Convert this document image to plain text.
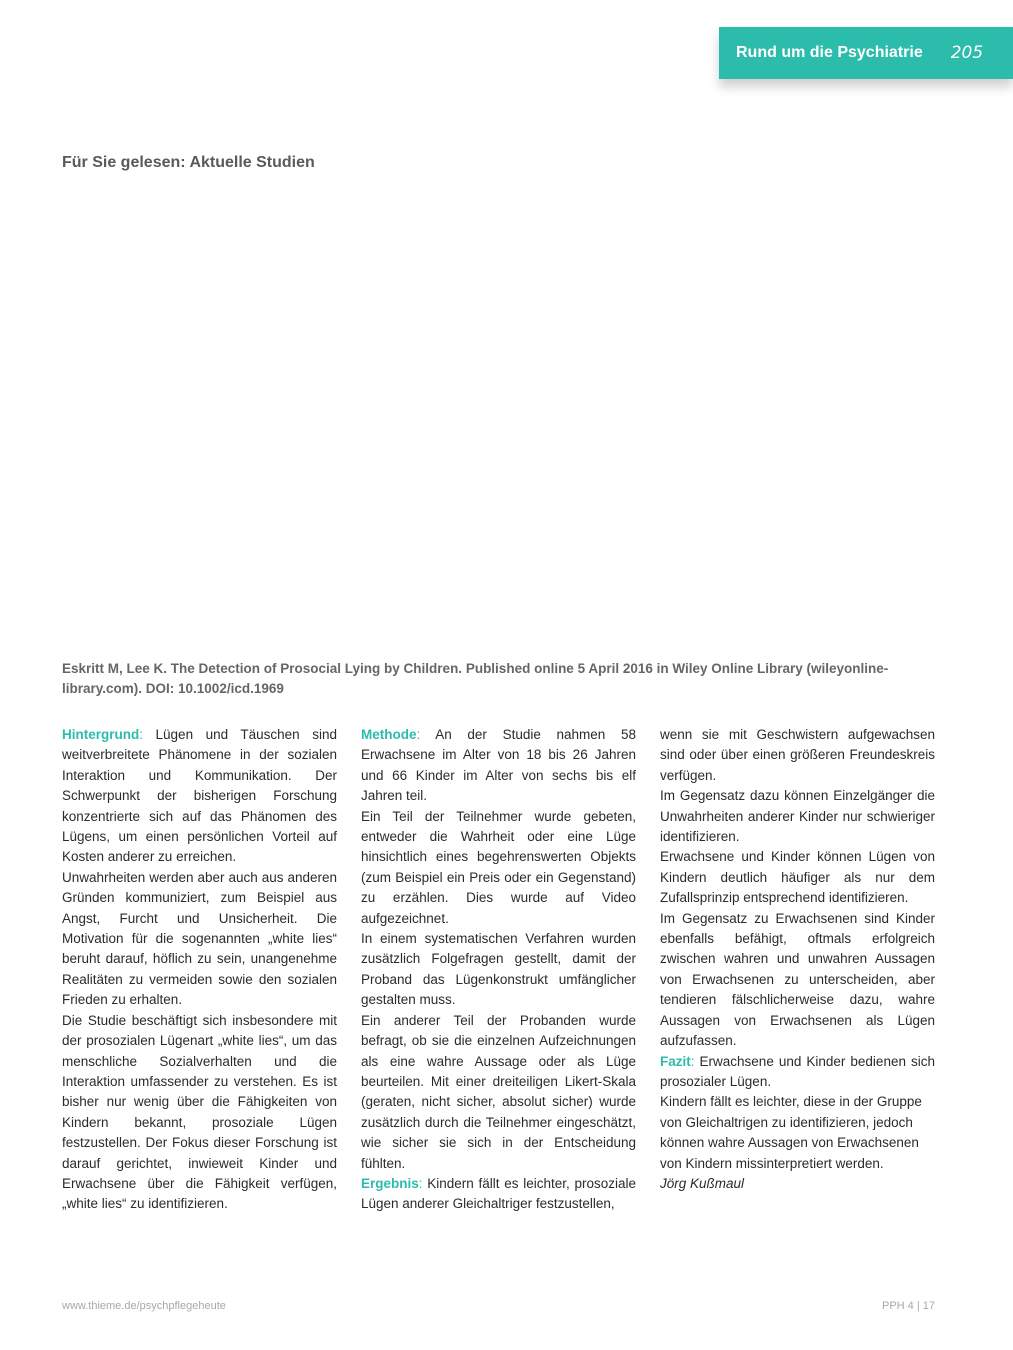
Rund um die Psychiatrie 205
Für Sie gelesen: Aktuelle Studien
Eskritt M, Lee K. The Detection of Prosocial Lying by Children. Published online 5 April 2016 in Wiley Online Library (wileyonlinelibrary.com). DOI: 10.1002/icd.1969

Hintergrund: Lügen und Täuschen sind weitverbreitete Phänomene in der sozialen Interaktion und Kommunikation. Der Schwerpunkt der bisherigen Forschung konzentrierte sich auf das Phänomen des Lügens, um einen persönlichen Vorteil auf Kosten anderer zu erreichen.

Unwahrheiten werden aber auch aus anderen Gründen kommuniziert, zum Beispiel aus Angst, Furcht und Unsicherheit. Die Motivation für die sogenannten „white lies“ beruht darauf, höflich zu sein, unangenehme Realitäten zu vermeiden sowie den sozialen Frieden zu erhalten.

Die Studie beschäftigt sich insbesondere mit der prosozialen Lügenart „white lies“, um das menschliche Sozialverhalten und die Interaktion umfassender zu verstehen. Es ist bisher nur wenig über die Fähigkeiten von Kindern bekannt, prosoziale Lügen festzustellen. Der Fokus dieser Forschung ist darauf gerichtet, inwieweit Kinder und Erwachsene über die Fähigkeit verfügen, „white lies“ zu identifizieren.

Methode: An der Studie nahmen 58 Erwachsene im Alter von 18 bis 26 Jahren und 66 Kinder im Alter von sechs bis elf Jahren teil.

Ein Teil der Teilnehmer wurde gebeten, entweder die Wahrheit oder eine Lüge hinsichtlich eines begehrenswerten Objekts (zum Beispiel ein Preis oder ein Gegenstand) zu erzählen. Dies wurde auf Video aufgezeichnet.

In einem systematischen Verfahren wurden zusätzlich Folgefragen gestellt, damit der Proband das Lügenkonstrukt umfänglicher gestalten muss.

Ein anderer Teil der Probanden wurde befragt, ob sie die einzelnen Aufzeichnungen als eine wahre Aussage oder als Lüge beurteilen. Mit einer dreiteiligen Likert-Skala (geraten, nicht sicher, absolut sicher) wurde zusätzlich durch die Teilnehmer eingeschätzt, wie sicher sie sich in der Entscheidung fühlten.

Ergebnis: Kindern fällt es leichter, prosoziale Lügen anderer Gleichaltriger festzustellen,

wenn sie mit Geschwistern aufgewachsen sind oder über einen größeren Freundeskreis verfügen.

Im Gegensatz dazu können Einzelgänger die Unwahrheiten anderer Kinder nur schwieriger identifizieren.

Erwachsene und Kinder können Lügen von Kindern deutlich häufiger als nur dem Zufallsprinzip entsprechend identifizieren.

Im Gegensatz zu Erwachsenen sind Kinder ebenfalls befähigt, oftmals erfolgreich zwischen wahren und unwahren Aussagen von Erwachsenen zu unterscheiden, aber tendieren fälschlicherweise dazu, wahre Aussagen von Erwachsenen als Lügen aufzufassen.

Fazit: Erwachsene und Kinder bedienen sich prosozialer Lügen.

Kindern fällt es leichter, diese in der Gruppe von Gleichaltrigen zu identifizieren, jedoch können wahre Aussagen von Erwachsenen von Kindern missinterpretiert werden.

Jörg Kußmaul

www.thieme.de/psychpflegeheute	PPH 4 | 17
